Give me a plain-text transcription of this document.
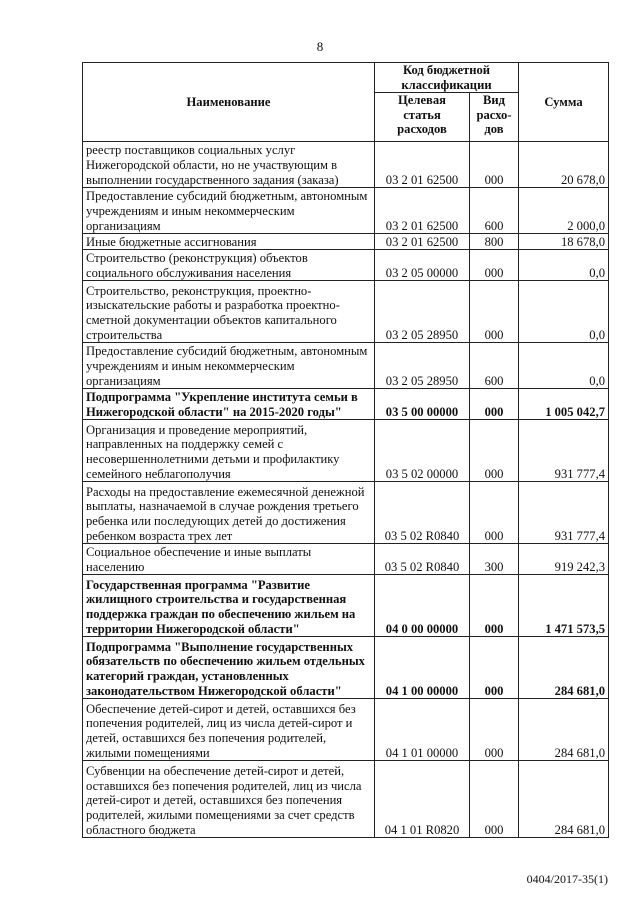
8
Наименование	Код бюджетной классификации		Сумма
	Целевая статья расходов	Вид расхо-дов	
реестр поставщиков социальных услуг Нижегородской области, но не участвующим в выполнении государственного задания (заказа)	03 2 01 62500	000	20 678,0
Предоставление субсидий бюджетным, автономным учреждениям и иным некоммерческим организациям	03 2 01 62500	600	2 000,0
Иные бюджетные ассигнования	03 2 01 62500	800	18 678,0
Строительство (реконструкция) объектов социального обслуживания населения	03 2 05 00000	000	0,0
Строительство, реконструкция, проектно-изыскательские работы и разработка проектно-сметной документации объектов капитального строительства	03 2 05 28950	000	0,0
Предоставление субсидий бюджетным, автономным учреждениям и иным некоммерческим организациям	03 2 05 28950	600	0,0
Подпрограмма "Укрепление института семьи в Нижегородской области" на 2015-2020 годы"	03 5 00 00000	000	1 005 042,7
Организация и проведение мероприятий, направленных на поддержку семей с несовершеннолетними детьми и профилактику семейного неблагополучия	03 5 02 00000	000	931 777,4
Расходы на предоставление ежемесячной денежной выплаты, назначаемой в случае рождения третьего ребенка или последующих детей до достижения ребенком возраста трех лет	03 5 02 R0840	000	931 777,4
Социальное обеспечение и иные выплаты населению	03 5 02 R0840	300	919 242,3
Государственная программа "Развитие жилищного строительства и государственная поддержка граждан по обеспечению жильем на территории Нижегородской области"	04 0 00 00000	000	1 471 573,5
Подпрограмма "Выполнение государственных обязательств по обеспечению жильем отдельных категорий граждан, установленных законодательством Нижегородской области"	04 1 00 00000	000	284 681,0
Обеспечение детей-сирот и детей, оставшихся без попечения родителей, лиц из числа детей-сирот и детей, оставшихся без попечения родителей, жилыми помещениями	04 1 01 00000	000	284 681,0
Субвенции на обеспечение детей-сирот и детей, оставшихся без попечения родителей, лиц из числа детей-сирот и детей, оставшихся без попечения родителей, жилыми помещениями за счет средств областного бюджета	04 1 01 R0820	000	284 681,0
0404/2017-35(1)
